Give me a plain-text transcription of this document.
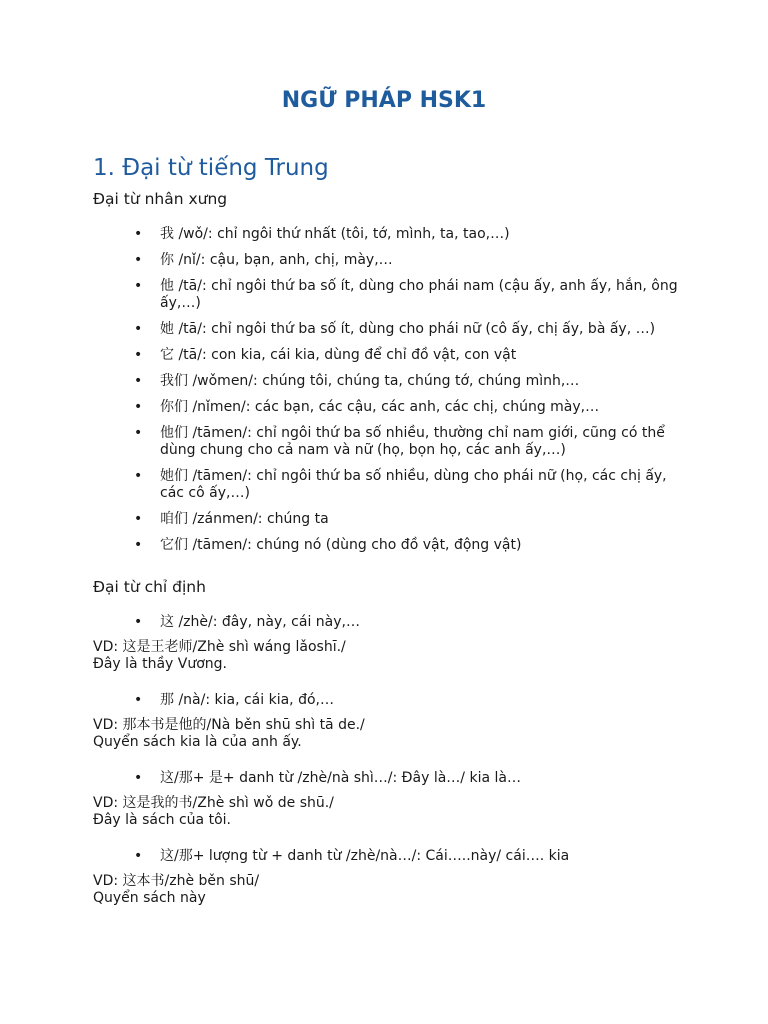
NGỮ PHÁP HSK1
1. Đại từ tiếng Trung
Đại từ nhân xưng
• 我 /wǒ/: chỉ ngôi thứ nhất (tôi, tớ, mình, ta, tao,…)
• 你 /nǐ/: cậu, bạn, anh, chị, mày,…
• 他 /tā/: chỉ ngôi thứ ba số ít, dùng cho phái nam (cậu ấy, anh ấy, hắn, ông ấy,…)
• 她 /tā/: chỉ ngôi thứ ba số ít, dùng cho phái nữ (cô ấy, chị ấy, bà ấy, …)
• 它 /tā/: con kia, cái kia, dùng để chỉ đồ vật, con vật
• 我们 /wǒmen/: chúng tôi, chúng ta, chúng tớ, chúng mình,…
• 你们 /nǐmen/: các bạn, các cậu, các anh, các chị, chúng mày,…
• 他们 /tāmen/: chỉ ngôi thứ ba số nhiều, thường chỉ nam giới, cũng có thể dùng chung cho cả nam và nữ (họ, bọn họ, các anh ấy,…)
• 她们 /tāmen/: chỉ ngôi thứ ba số nhiều, dùng cho phái nữ (họ, các chị ấy, các cô ấy,…)
• 咱们 /zánmen/: chúng ta
• 它们 /tāmen/: chúng nó (dùng cho đồ vật, động vật)
Đại từ chỉ định
• 这 /zhè/: đây, này, cái này,…
VD: 这是王老师/Zhè shì wáng lǎoshī./
Đây là thầy Vương.
• 那 /nà/: kia, cái kia, đó,…
VD: 那本书是他的/Nà běn shū shì tā de./
Quyển sách kia là của anh ấy.
• 这/那+ 是+ danh từ /zhè/nà shì…/: Đây là…/ kia là…
VD: 这是我的书/Zhè shì wǒ de shū./
Đây là sách của tôi.
• 这/那+ lượng từ + danh từ /zhè/nà…/: Cái…..này/ cái…. kia
VD: 这本书/zhè běn shū/
Quyển sách này
